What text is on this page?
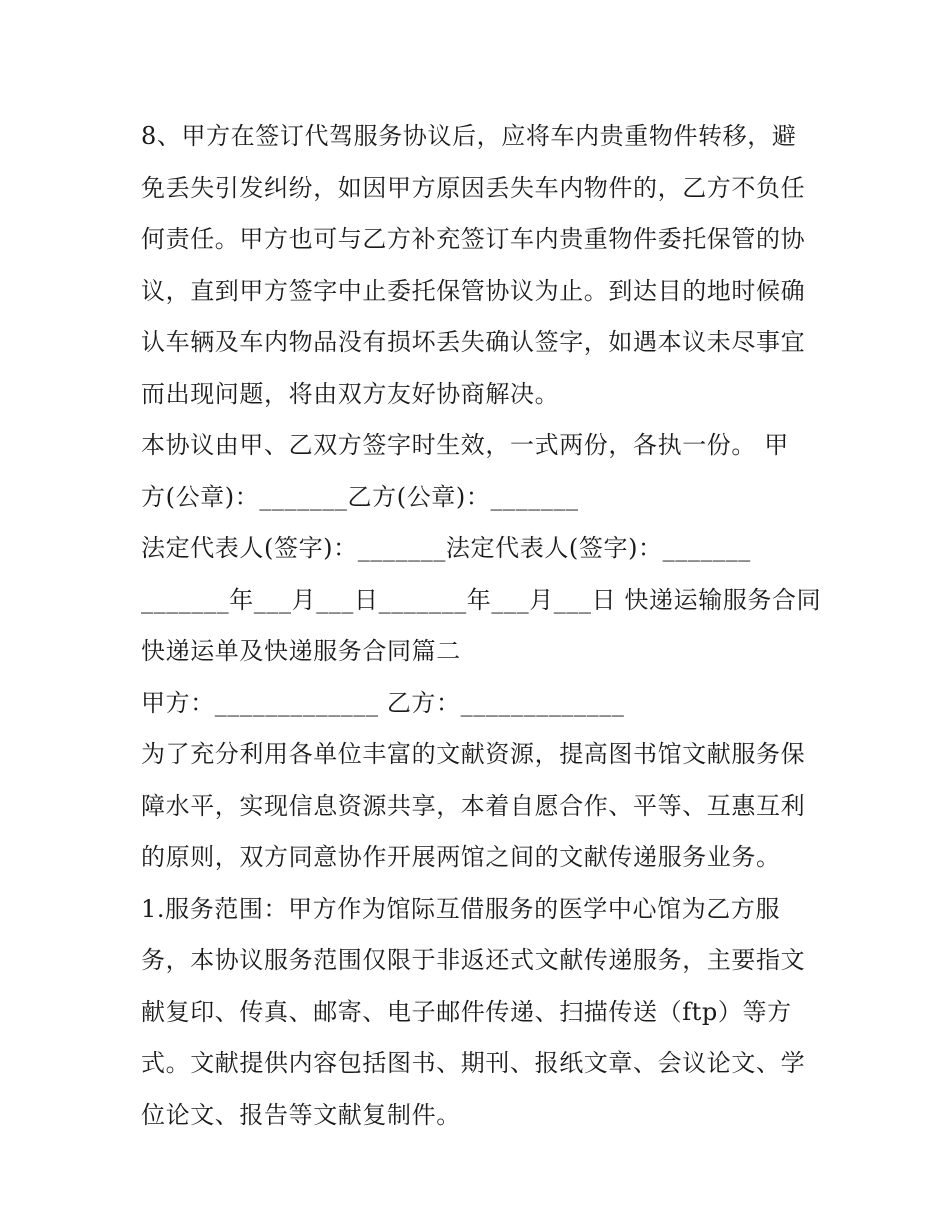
8、甲方在签订代驾服务协议后，应将车内贵重物件转移，避
免丢失引发纠纷，如因甲方原因丢失车内物件的，乙方不负任
何责任。甲方也可与乙方补充签订车内贵重物件委托保管的协
议，直到甲方签字中止委托保管协议为止。到达目的地时候确
认车辆及车内物品没有损坏丢失确认签字，如遇本议未尽事宜
而出现问题，将由双方友好协商解决。
本协议由甲、乙双方签字时生效，一式两份，各执一份。 甲
方(公章)：_______乙方(公章)：_______
法定代表人(签字)：_______法定代表人(签字)：_______
_______年___月___日_______年___月___日 快递运输服务合同
快递运单及快递服务合同篇二
甲方：_____________ 乙方：_____________
为了充分利用各单位丰富的文献资源，提高图书馆文献服务保
障水平，实现信息资源共享，本着自愿合作、平等、互惠互利
的原则，双方同意协作开展两馆之间的文献传递服务业务。
1.服务范围：甲方作为馆际互借服务的医学中心馆为乙方服
务，本协议服务范围仅限于非返还式文献传递服务，主要指文
献复印、传真、邮寄、电子邮件传递、扫描传送（ftp）等方
式。文献提供内容包括图书、期刊、报纸文章、会议论文、学
位论文、报告等文献复制件。
